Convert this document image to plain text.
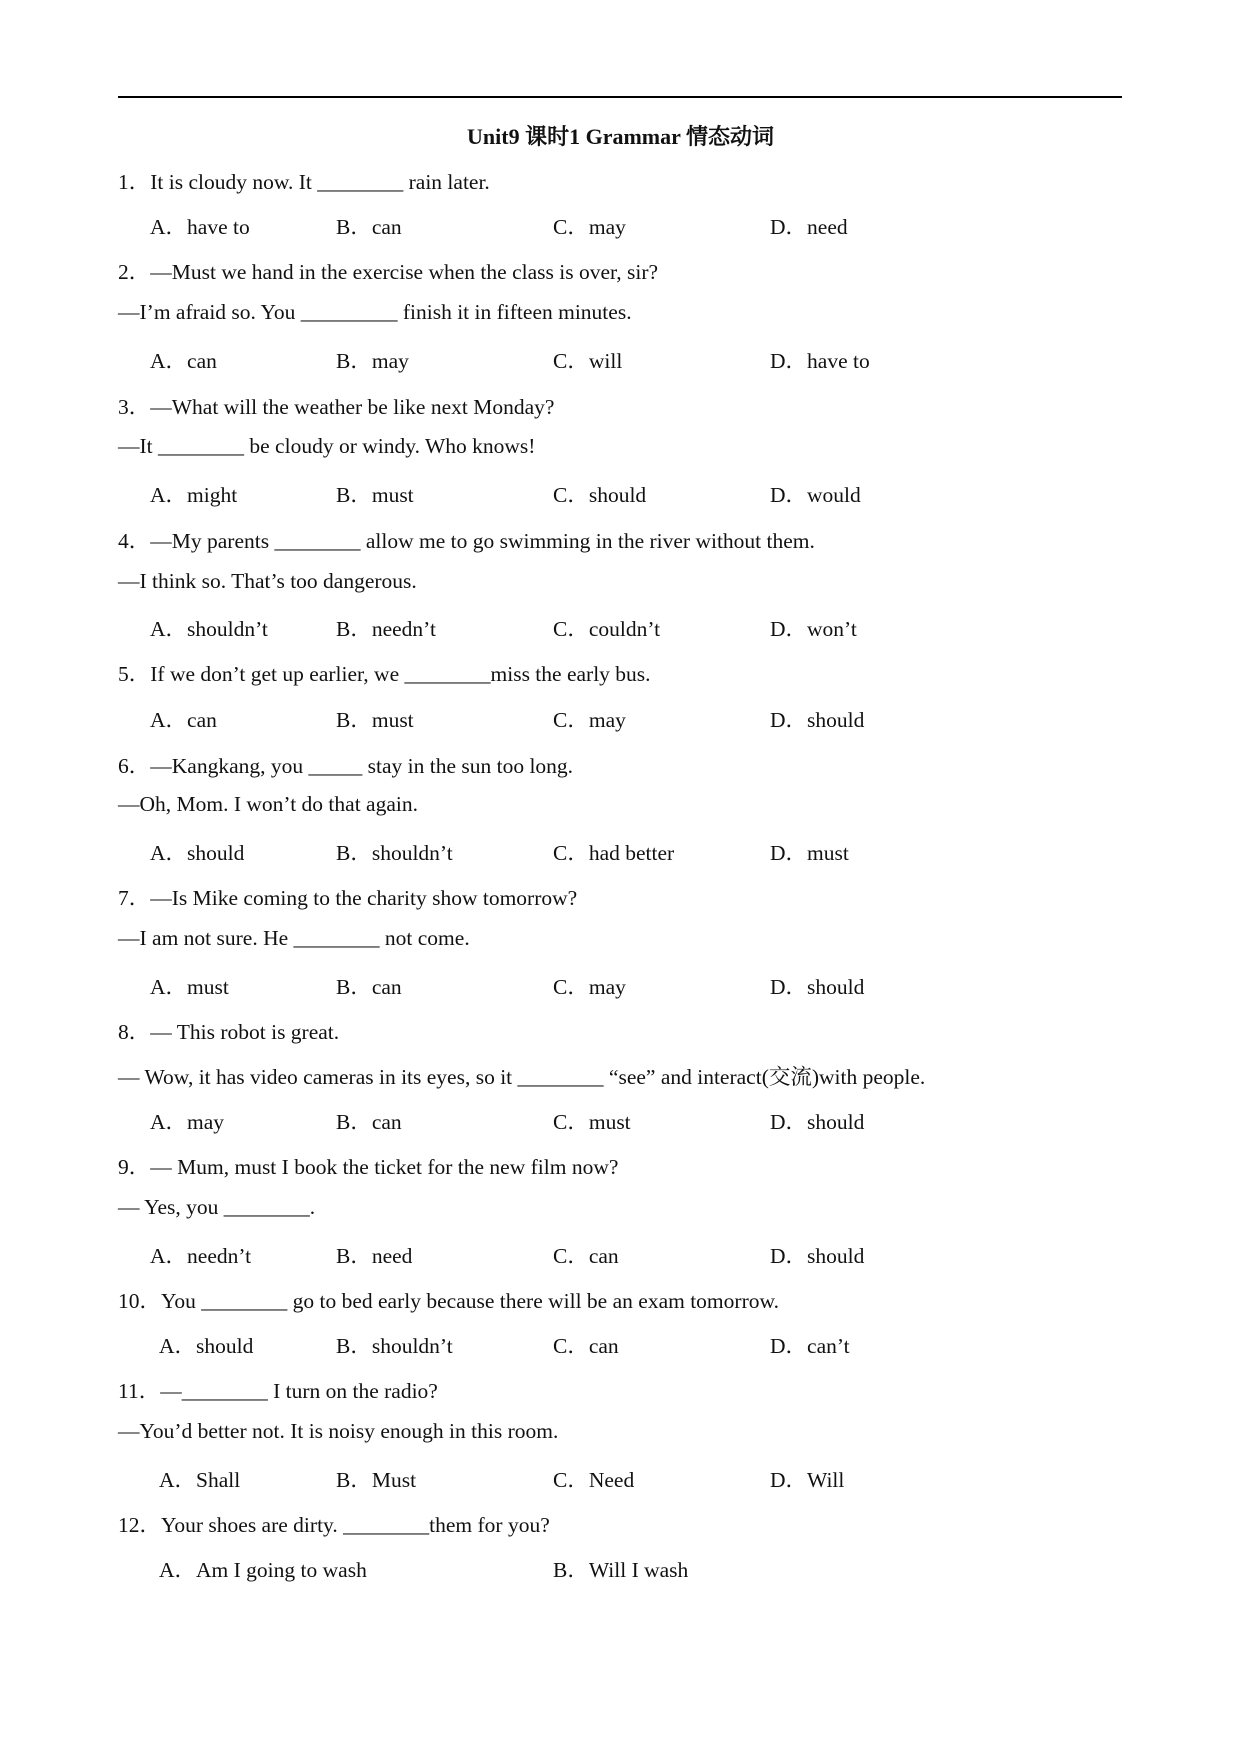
Unit9 课时1 Grammar 情态动词
1．It is cloudy now. It ________ rain later.
A．have to	B．can	C．may	D．need
2．—Must we hand in the exercise when the class is over, sir?
—I’m afraid so. You _________ finish it in fifteen minutes.
A．can	B．may	C．will	D．have to
3．—What will the weather be like next Monday?
—It ________ be cloudy or windy. Who knows!
A．might	B．must	C．should	D．would
4．—My parents ________ allow me to go swimming in the river without them.
—I think so. That’s too dangerous.
A．shouldn’t	B．needn’t	C．couldn’t	D．won’t
5．If we don’t get up earlier, we ________miss the early bus.
A．can	B．must	C．may	D．should
6．—Kangkang, you _____ stay in the sun too long.
—Oh, Mom. I won’t do that again.
A．should	B．shouldn’t	C．had better	D．must
7．—Is Mike coming to the charity show tomorrow?
—I am not sure. He ________ not come.
A．must	B．can	C．may	D．should
8．— This robot is great.
— Wow, it has video cameras in its eyes, so it ________ “see” and interact(交流)with people.
A．may	B．can	C．must	D．should
9．— Mum, must I book the ticket for the new film now?
— Yes, you ________.
A．needn’t	B．need	C．can	D．should
10．You ________ go to bed early because there will be an exam tomorrow.
A．should	B．shouldn’t	C．can	D．can’t
11．—________ I turn on the radio?
—You’d better not. It is noisy enough in this room.
A．Shall	B．Must	C．Need	D．Will
12．Your shoes are dirty. ________them for you?
A．Am I going to wash	B．Will I wash
